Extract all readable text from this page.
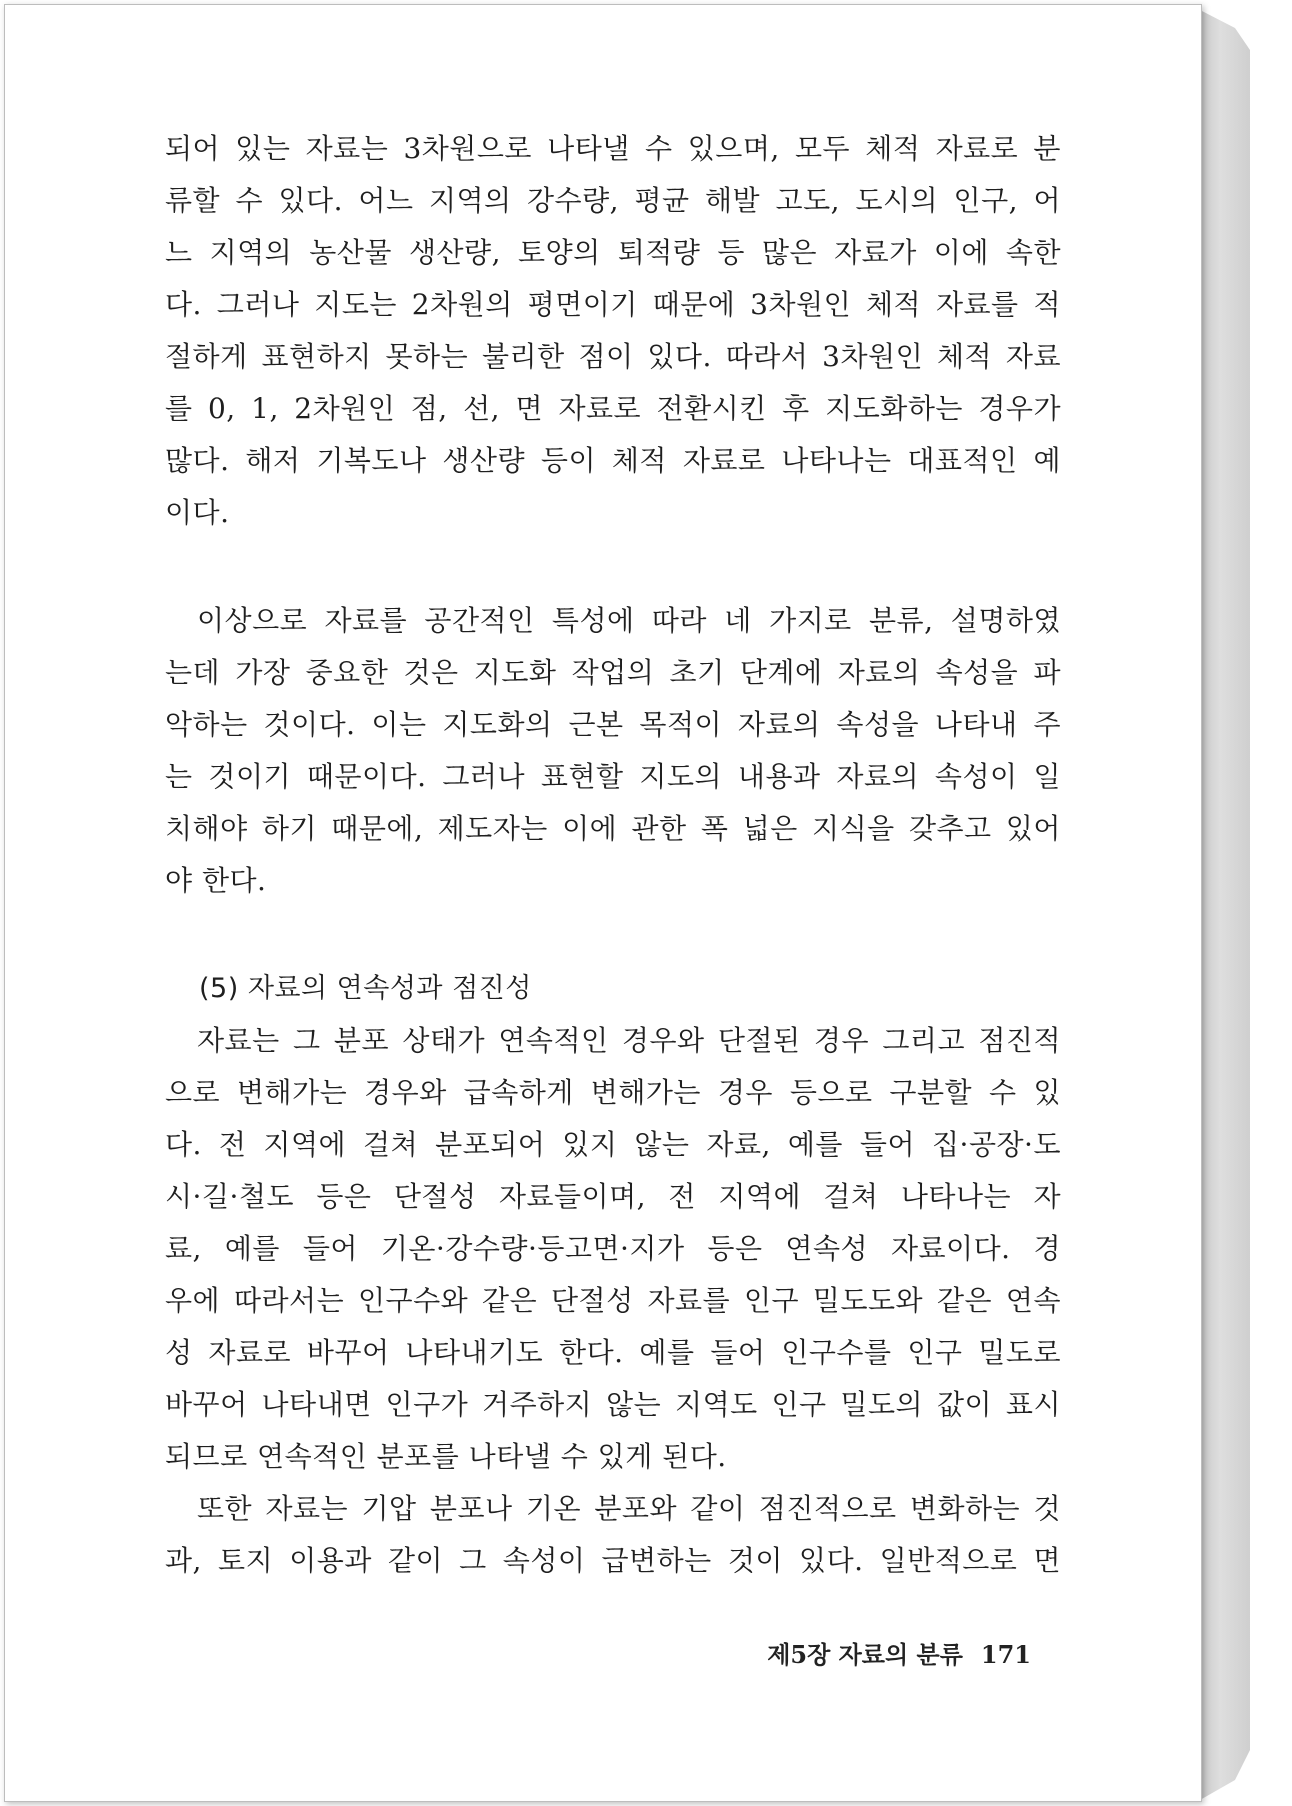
되어 있는 자료는 3차원으로 나타낼 수 있으며, 모두 체적 자료로 분
류할 수 있다. 어느 지역의 강수량, 평균 해발 고도, 도시의 인구, 어
느 지역의 농산물 생산량, 토양의 퇴적량 등 많은 자료가 이에 속한
다. 그러나 지도는 2차원의 평면이기 때문에 3차원인 체적 자료를 적
절하게 표현하지 못하는 불리한 점이 있다. 따라서 3차원인 체적 자료
를 0, 1, 2차원인 점, 선, 면 자료로 전환시킨 후 지도화하는 경우가
많다. 해저 기복도나 생산량 등이 체적 자료로 나타나는 대표적인 예
이다.
이상으로 자료를 공간적인 특성에 따라 네 가지로 분류, 설명하였
는데 가장 중요한 것은 지도화 작업의 초기 단계에 자료의 속성을 파
악하는 것이다. 이는 지도화의 근본 목적이 자료의 속성을 나타내 주
는 것이기 때문이다. 그러나 표현할 지도의 내용과 자료의 속성이 일
치해야 하기 때문에, 제도자는 이에 관한 폭 넓은 지식을 갖추고 있어
야 한다.
(5) 자료의 연속성과 점진성
자료는 그 분포 상태가 연속적인 경우와 단절된 경우 그리고 점진적
으로 변해가는 경우와 급속하게 변해가는 경우 등으로 구분할 수 있
다. 전 지역에 걸쳐 분포되어 있지 않는 자료, 예를 들어 집·공장·도
시·길·철도 등은 단절성 자료들이며, 전 지역에 걸쳐 나타나는 자
료, 예를 들어 기온·강수량·등고면·지가 등은 연속성 자료이다. 경
우에 따라서는 인구수와 같은 단절성 자료를 인구 밀도도와 같은 연속
성 자료로 바꾸어 나타내기도 한다. 예를 들어 인구수를 인구 밀도로
바꾸어 나타내면 인구가 거주하지 않는 지역도 인구 밀도의 값이 표시
되므로 연속적인 분포를 나타낼 수 있게 된다.
또한 자료는 기압 분포나 기온 분포와 같이 점진적으로 변화하는 것
과, 토지 이용과 같이 그 속성이 급변하는 것이 있다. 일반적으로 면
제5장 자료의 분류 171
